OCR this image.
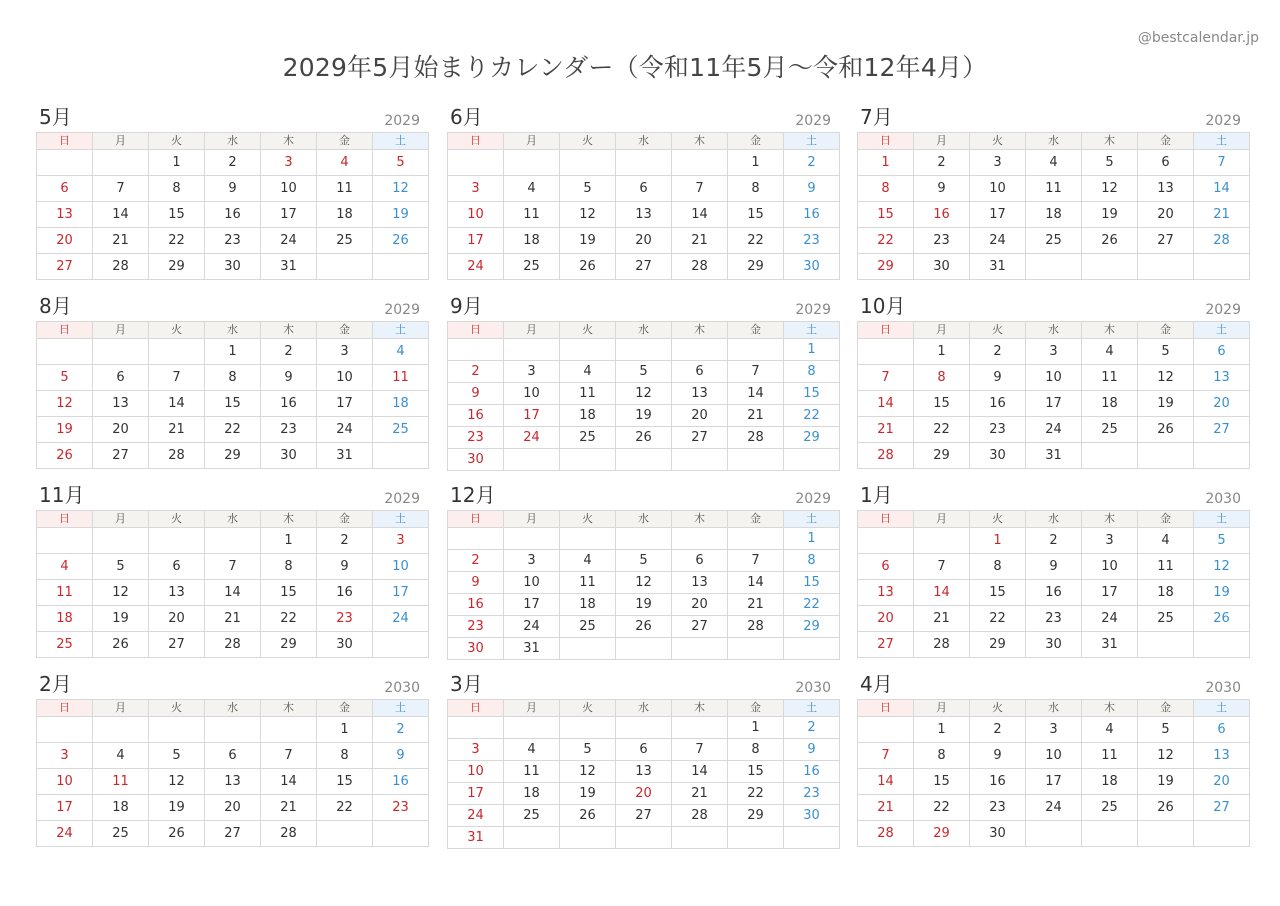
2029年5月始まりカレンダー（令和11年5月〜令和12年4月）
@bestcalendar.jp
5月	2029
日	月	火	水	木	金	土
		1	2	3	4	5
6	7	8	9	10	11	12
13	14	15	16	17	18	19
20	21	22	23	24	25	26
27	28	29	30	31		
6月	2029
日	月	火	水	木	金	土
					1	2
3	4	5	6	7	8	9
10	11	12	13	14	15	16
17	18	19	20	21	22	23
24	25	26	27	28	29	30
7月	2029
日	月	火	水	木	金	土
1	2	3	4	5	6	7
8	9	10	11	12	13	14
15	16	17	18	19	20	21
22	23	24	25	26	27	28
29	30	31				
8月	2029
日	月	火	水	木	金	土
			1	2	3	4
5	6	7	8	9	10	11
12	13	14	15	16	17	18
19	20	21	22	23	24	25
26	27	28	29	30	31	
9月	2029
日	月	火	水	木	金	土
						1
2	3	4	5	6	7	8
9	10	11	12	13	14	15
16	17	18	19	20	21	22
23	24	25	26	27	28	29
30						
10月	2029
日	月	火	水	木	金	土
	1	2	3	4	5	6
7	8	9	10	11	12	13
14	15	16	17	18	19	20
21	22	23	24	25	26	27
28	29	30	31			
11月	2029
日	月	火	水	木	金	土
				1	2	3
4	5	6	7	8	9	10
11	12	13	14	15	16	17
18	19	20	21	22	23	24
25	26	27	28	29	30	
12月	2029
日	月	火	水	木	金	土
						1
2	3	4	5	6	7	8
9	10	11	12	13	14	15
16	17	18	19	20	21	22
23	24	25	26	27	28	29
30	31					
1月	2030
日	月	火	水	木	金	土
		1	2	3	4	5
6	7	8	9	10	11	12
13	14	15	16	17	18	19
20	21	22	23	24	25	26
27	28	29	30	31		
2月	2030
日	月	火	水	木	金	土
					1	2
3	4	5	6	7	8	9
10	11	12	13	14	15	16
17	18	19	20	21	22	23
24	25	26	27	28		
3月	2030
日	月	火	水	木	金	土
					1	2
3	4	5	6	7	8	9
10	11	12	13	14	15	16
17	18	19	20	21	22	23
24	25	26	27	28	29	30
31						
4月	2030
日	月	火	水	木	金	土
	1	2	3	4	5	6
7	8	9	10	11	12	13
14	15	16	17	18	19	20
21	22	23	24	25	26	27
28	29	30				
